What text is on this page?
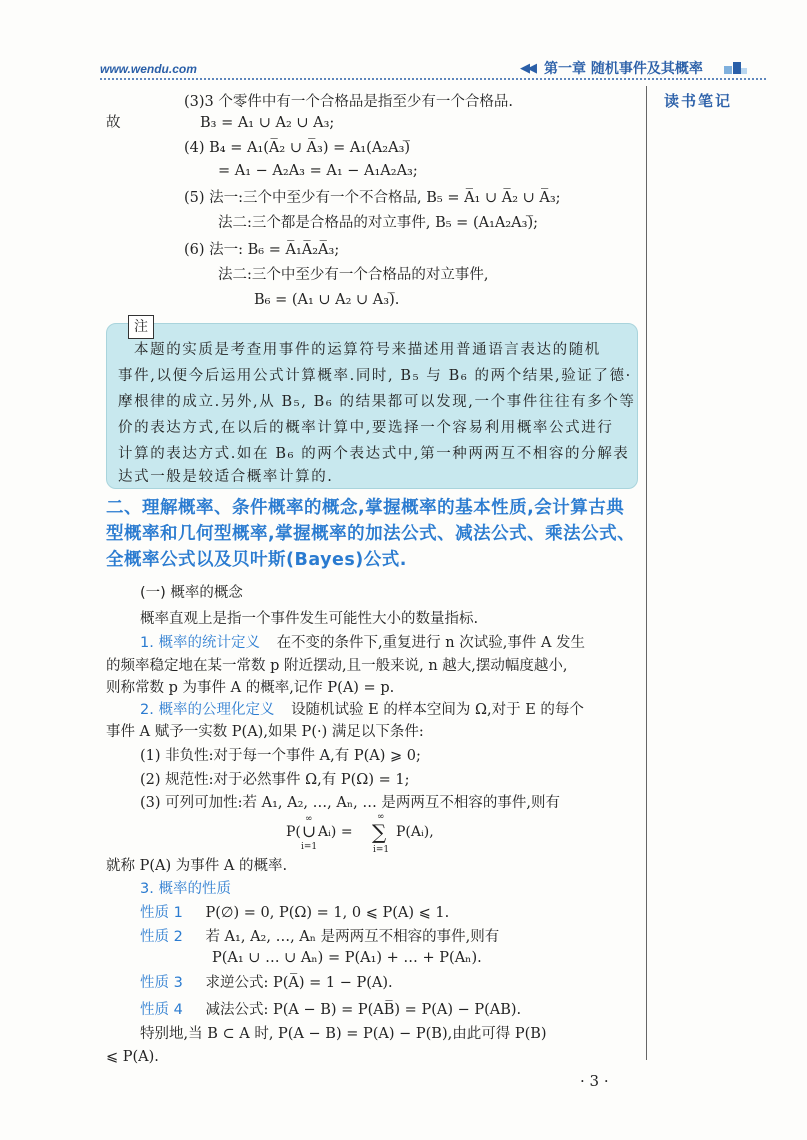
www.wendu.com	◀◀ 第一章 随机事件及其概率
读书笔记
(3)3 个零件中有一个合格品是指至少有一个合格品.
故	B₃ = A₁ ∪ A₂ ∪ A₃;
(4) B₄ = A₁(A̅₂ ∪ A̅₃) = A₁(A₂A₃)̅
= A₁ − A₂A₃ = A₁ − A₁A₂A₃;
(5) 法一:三个中至少有一个不合格品, B₅ = A̅₁ ∪ A̅₂ ∪ A̅₃;
法二:三个都是合格品的对立事件, B₅ = (A₁A₂A₃)̅;
(6) 法一: B₆ = A̅₁A̅₂A̅₃;
法二:三个中至少有一个合格品的对立事件,
B₆ = (A₁ ∪ A₂ ∪ A₃)̅.
注
本题的实质是考查用事件的运算符号来描述用普通语言表达的随机
事件,以便今后运用公式计算概率.同时, B₅ 与 B₆ 的两个结果,验证了德·
摩根律的成立.另外,从 B₅, B₆ 的结果都可以发现,一个事件往往有多个等
价的表达方式,在以后的概率计算中,要选择一个容易利用概率公式进行
计算的表达方式.如在 B₆ 的两个表达式中,第一种两两互不相容的分解表
达式一般是较适合概率计算的.
二、理解概率、条件概率的概念,掌握概率的基本性质,会计算古典
型概率和几何型概率,掌握概率的加法公式、减法公式、乘法公式、
全概率公式以及贝叶斯(Bayes)公式.
(一) 概率的概念
概率直观上是指一个事件发生可能性大小的数量指标.
1. 概率的统计定义 在不变的条件下,重复进行 n 次试验,事件 A 发生
的频率稳定地在某一常数 p 附近摆动,且一般来说, n 越大,摆动幅度越小,
则称常数 p 为事件 A 的概率,记作 P(A) = p.
2. 概率的公理化定义 设随机试验 E 的样本空间为 Ω,对于 E 的每个
事件 A 赋予一实数 P(A),如果 P(·) 满足以下条件:
(1) 非负性:对于每一个事件 A,有 P(A) ⩾ 0;
(2) 规范性:对于必然事件 Ω,有 P(Ω) = 1;
(3) 可列可加性:若 A₁, A₂, …, Aₙ, … 是两两互不相容的事件,则有
P( ∪
∞
i=1
Aᵢ) = ∑
∞
i=1
P(Aᵢ),
就称 P(A) 为事件 A 的概率.
3. 概率的性质
性质 1 P(∅) = 0, P(Ω) = 1, 0 ⩽ P(A) ⩽ 1.
性质 2 若 A₁, A₂, …, Aₙ 是两两互不相容的事件,则有
P(A₁ ∪ … ∪ Aₙ) = P(A₁) + … + P(Aₙ).
性质 3 求逆公式: P(A̅) = 1 − P(A).
性质 4 减法公式: P(A − B) = P(AB̅) = P(A) − P(AB).
特别地,当 B ⊂ A 时, P(A − B) = P(A) − P(B),由此可得 P(B)
⩽ P(A).
· 3 ·
